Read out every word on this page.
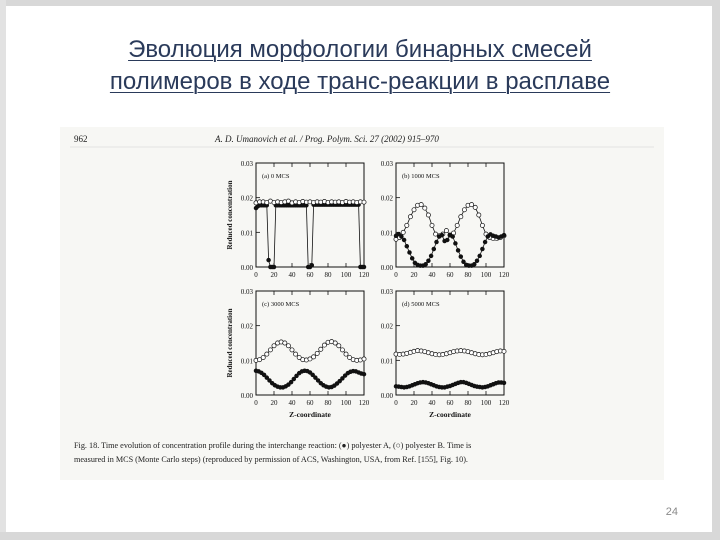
Эволюция морфологии бинарных смесей
полимеров в ходе транс-реакции в расплаве
962	A. D. Umanovich et al. / Prog. Polym. Sci. 27 (2002) 915–970
0.00
0.01
0.02
0.03
0 20 40 60 80 100 120
(a) 0 MCS
Reduced concentration
0.00
0.01
0.02
0.03
0 20 40 60 80 100 120
(b) 1000 MCS
0.00
0.01
0.02
0.03
0 20 40 60 80 100 120
(c) 3000 MCS
Reduced concentration
Z-coordinate
0.00
0.01
0.02
0.03
0 20 40 60 80 100 120
(d) 5000 MCS
Z-coordinate
Fig. 18. Time evolution of concentration profile during the interchange reaction: (●) polyester A, (○) polyester B. Time is
measured in MCS (Monte Carlo steps) (reproduced by permission of ACS, Washington, USA, from Ref. [155], Fig. 10).
24
